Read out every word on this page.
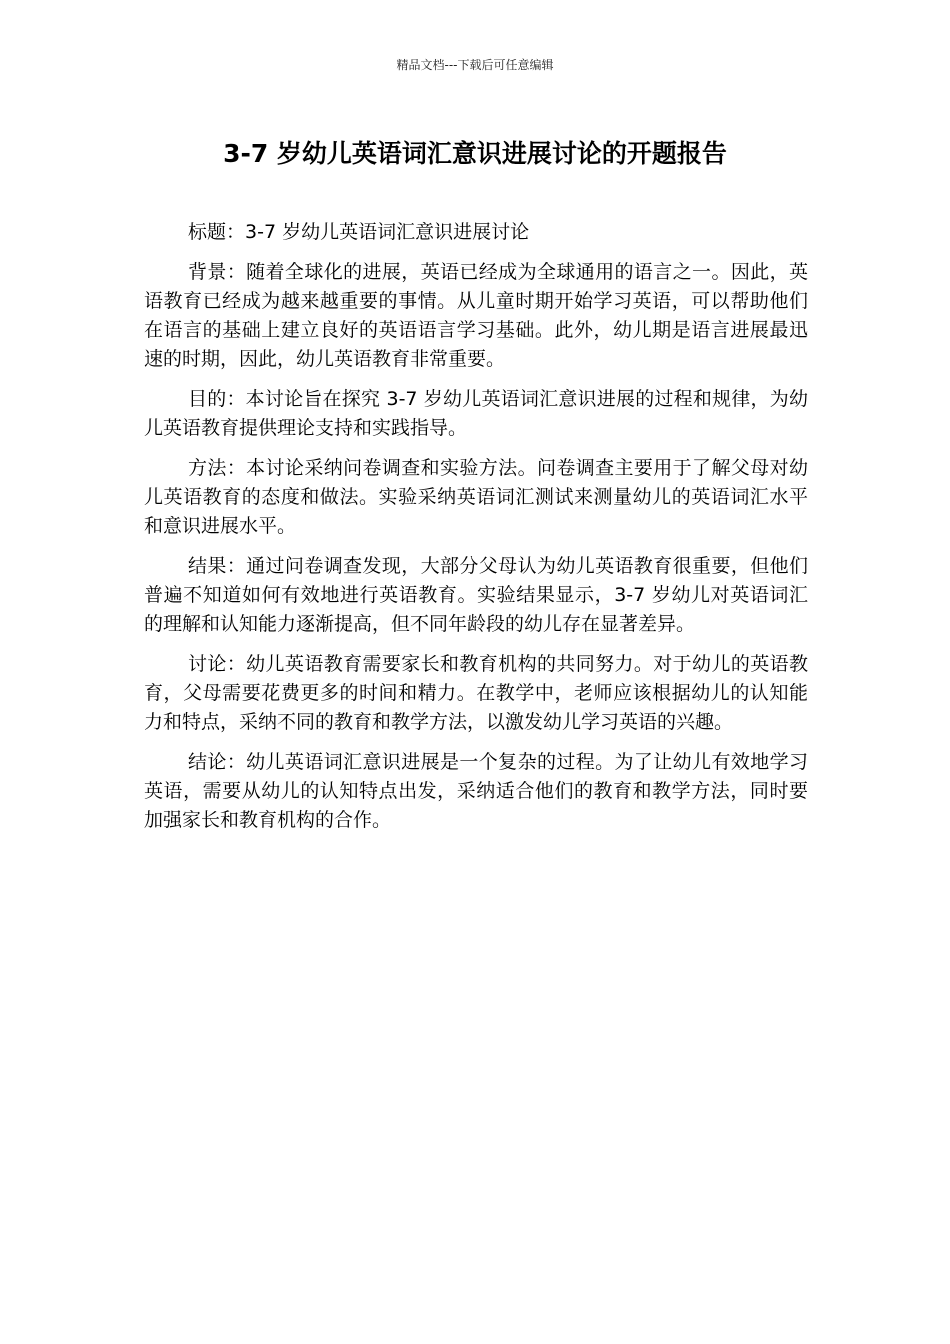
精品文档---下载后可任意编辑
3-7 岁幼儿英语词汇意识进展讨论的开题报告

标题：3-7 岁幼儿英语词汇意识进展讨论

背景：随着全球化的进展，英语已经成为全球通用的语言之一。因此，英语教育已经成为越来越重要的事情。从儿童时期开始学习英语，可以帮助他们在语言的基础上建立良好的英语语言学习基础。此外，幼儿期是语言进展最迅速的时期，因此，幼儿英语教育非常重要。

目的：本讨论旨在探究 3-7 岁幼儿英语词汇意识进展的过程和规律，为幼儿英语教育提供理论支持和实践指导。

方法：本讨论采纳问卷调查和实验方法。问卷调查主要用于了解父母对幼儿英语教育的态度和做法。实验采纳英语词汇测试来测量幼儿的英语词汇水平和意识进展水平。

结果：通过问卷调查发现，大部分父母认为幼儿英语教育很重要，但他们普遍不知道如何有效地进行英语教育。实验结果显示，3-7 岁幼儿对英语词汇的理解和认知能力逐渐提高，但不同年龄段的幼儿存在显著差异。

讨论：幼儿英语教育需要家长和教育机构的共同努力。对于幼儿的英语教育，父母需要花费更多的时间和精力。在教学中，老师应该根据幼儿的认知能力和特点，采纳不同的教育和教学方法，以激发幼儿学习英语的兴趣。

结论：幼儿英语词汇意识进展是一个复杂的过程。为了让幼儿有效地学习英语，需要从幼儿的认知特点出发，采纳适合他们的教育和教学方法，同时要加强家长和教育机构的合作。
